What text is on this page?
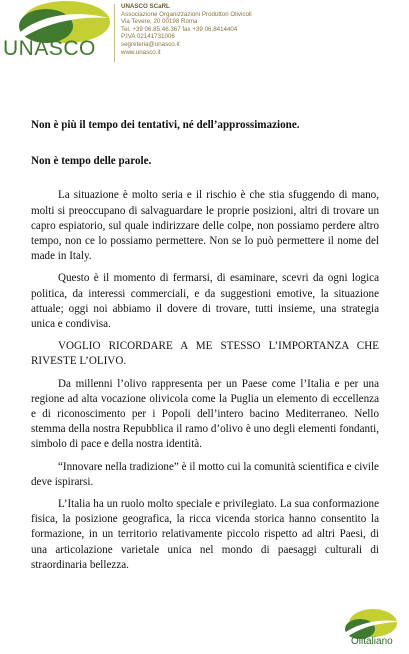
UNASCO
UNASCO SCaRL
Associazione Organizzazioni Produttori Olivicoli
Via Tevere, 20 00198 Roma
Tel. +39 06.85.46.367 fax +39 06.8414404
P.IVA 02141731006
segreteria@unasco.it
www.unasco.it

Non è più il tempo dei tentativi, né dell’approssimazione.

Non è tempo delle parole.

La situazione è molto seria e il rischio è che stia sfuggendo di mano, molti si preoccupano di salvaguardare le proprie posizioni, altri di trovare un capro espiatorio, sul quale indirizzare delle colpe, non possiamo perdere altro tempo, non ce lo possiamo permettere. Non se lo può permettere il nome del made in Italy.

Questo è il momento di fermarsi, di esaminare, scevri da ogni logica politica, da interessi commerciali, e da suggestioni emotive, la situazione attuale; oggi noi abbiamo il dovere di trovare, tutti insieme, una strategia unica e condivisa.

VOGLIO RICORDARE A ME STESSO L’IMPORTANZA CHE RIVESTE L’OLIVO.

Da millenni l’olivo rappresenta per un Paese come l’Italia e per una regione ad alta vocazione olivicola come la Puglia un elemento di eccellenza e di riconoscimento per i Popoli dell’intero bacino Mediterraneo. Nello stemma della nostra Repubblica il ramo d’olivo è uno degli elementi fondanti, simbolo di pace e della nostra identità.

“Innovare nella tradizione” è il motto cui la comunità scientifica e civile deve ispirarsi.

L’Italia ha un ruolo molto speciale e privilegiato. La sua conformazione fisica, la posizione geografica, la ricca vicenda storica hanno consentito la formazione, in un territorio relativamente piccolo rispetto ad altri Paesi, di una articolazione varietale unica nel mondo di paesaggi culturali di straordinaria bellezza.

Olitaliano
